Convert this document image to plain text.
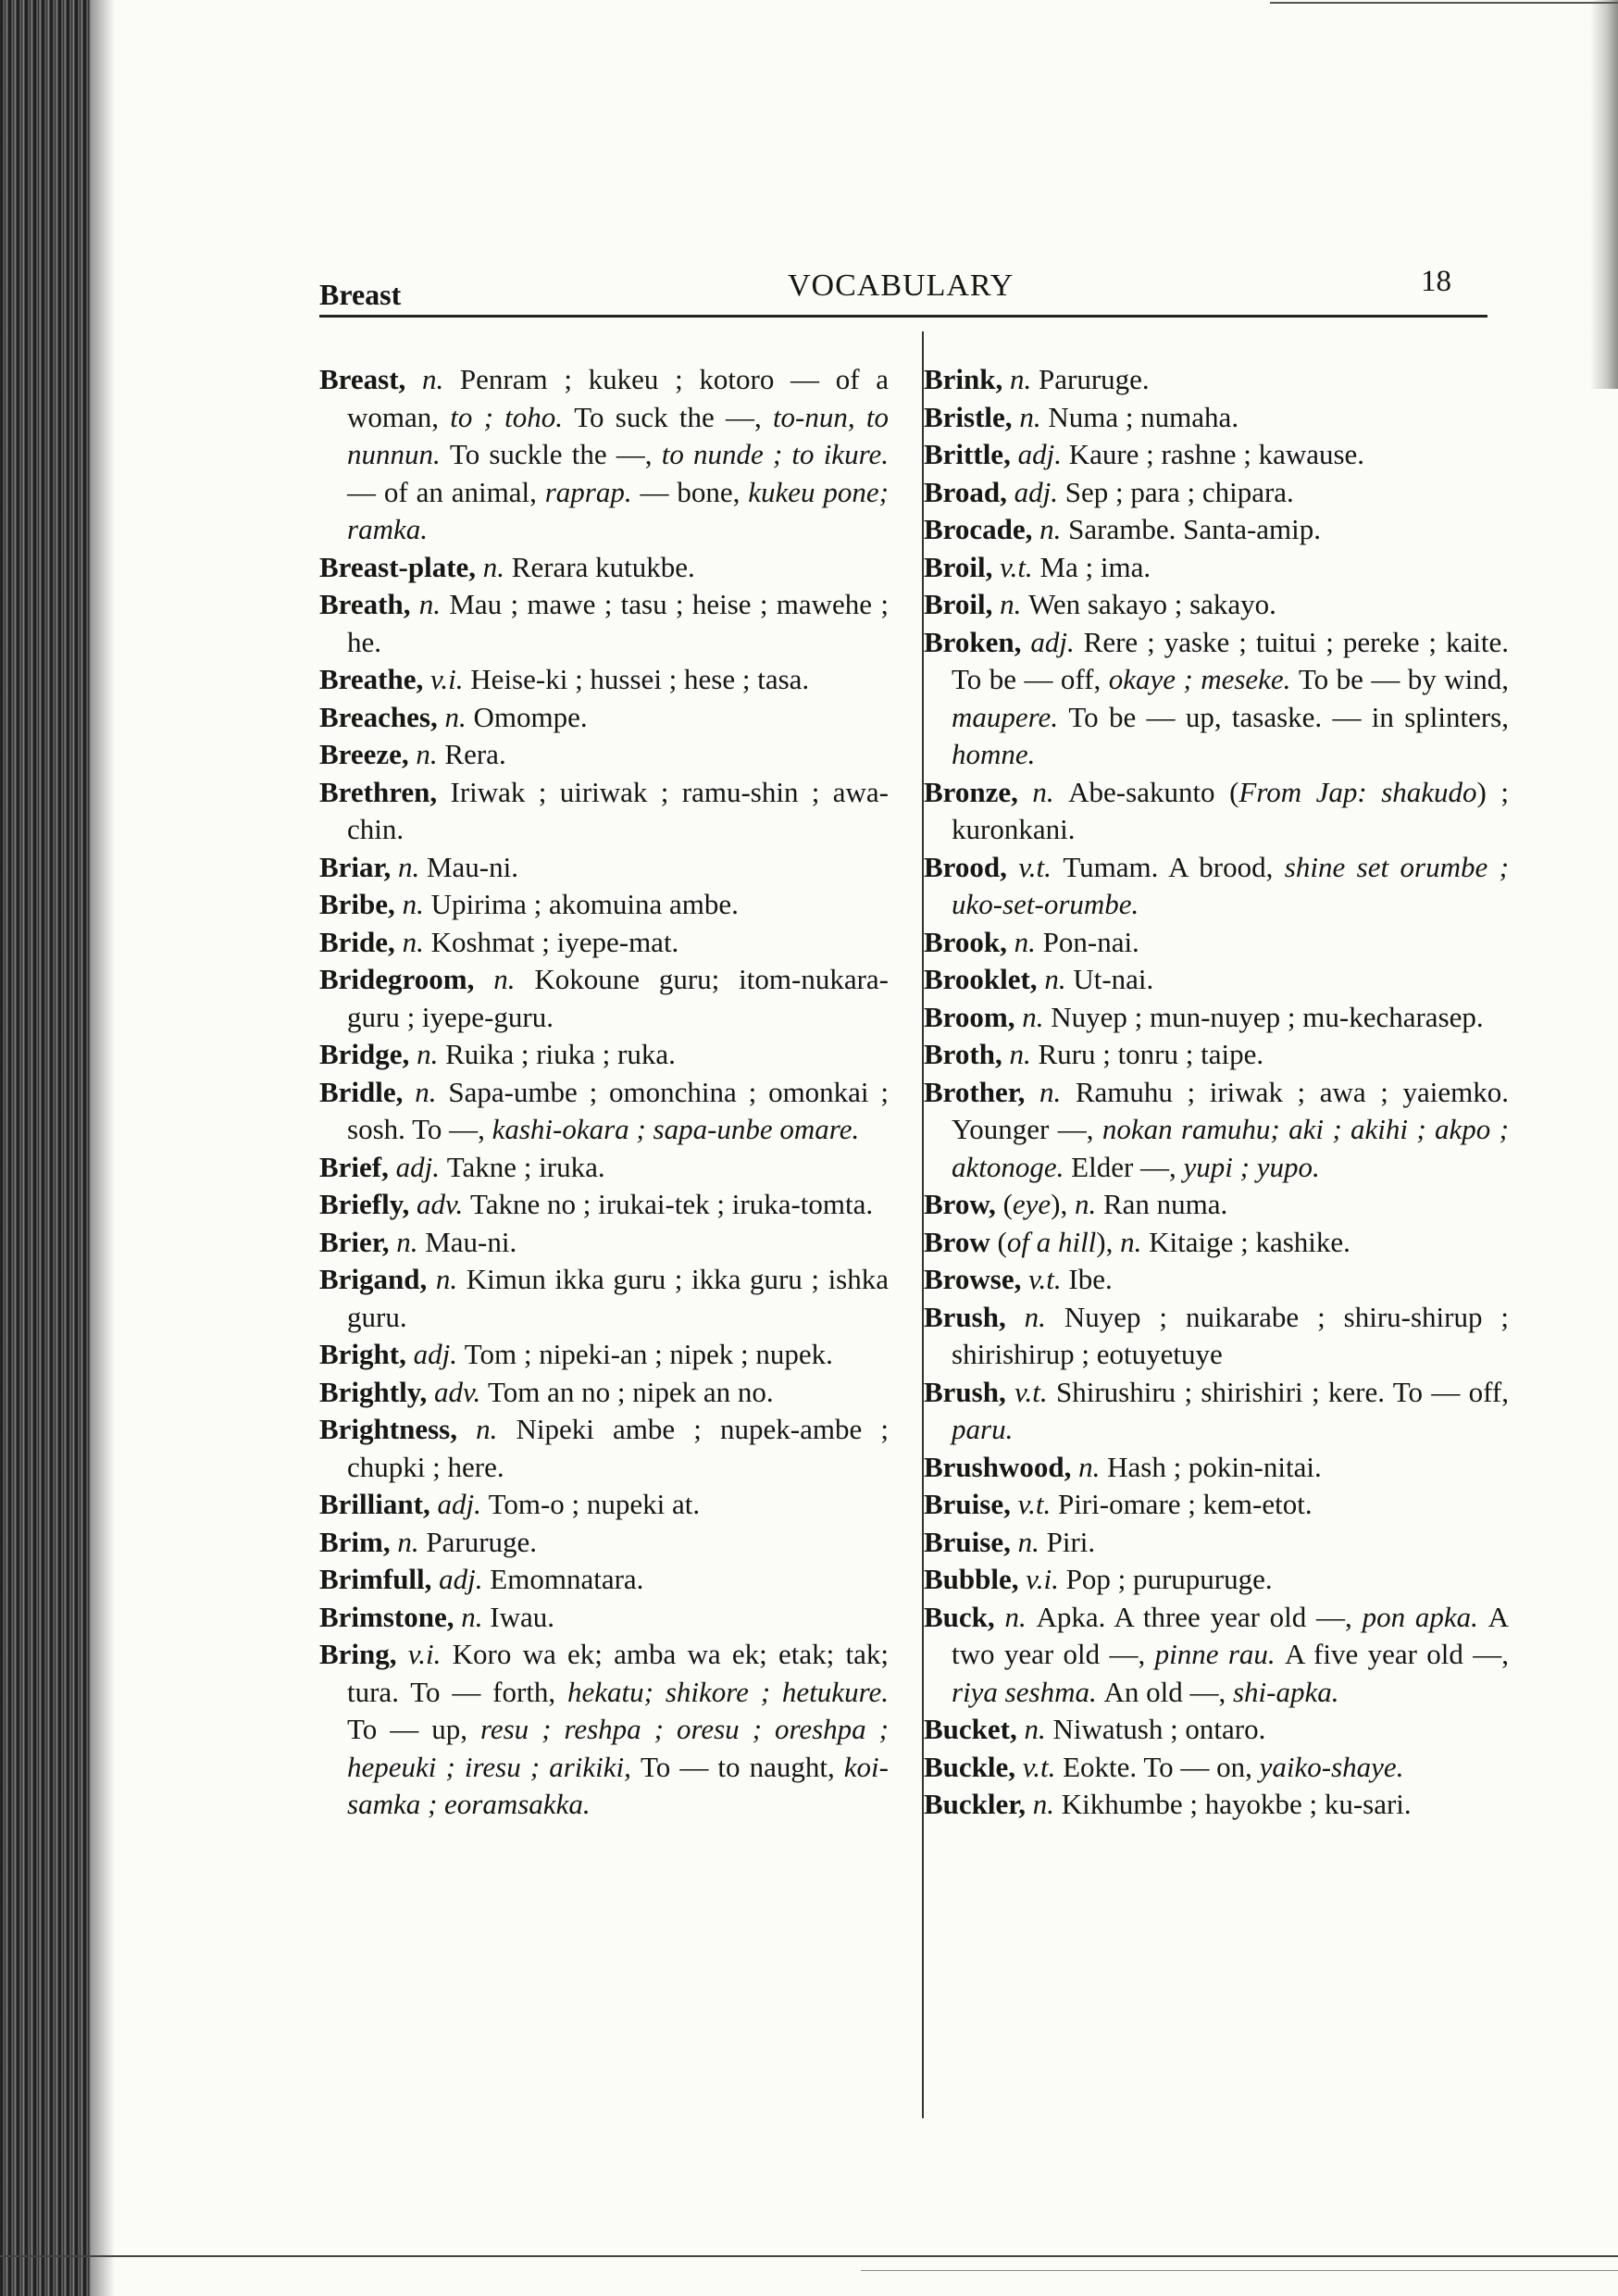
Breast	VOCABULARY	18

Breast, n. Penram ; kukeu ; kotoro — of a woman, to ; toho. To suck the —, to-nun, to nunnun. To suckle the —, to nunde ; to ikure. — of an animal, raprap. — bone, kukeu pone; ramka.

Breast-plate, n. Rerara kutukbe.

Breath, n. Mau ; mawe ; tasu ; heise ; mawehe ; he.

Breathe, v.i. Heise-ki ; hussei ; hese ; tasa.

Breaches, n. Omompe.

Breeze, n. Rera.

Brethren, Iriwak ; uiriwak ; ramu-shin ; awa-chin.

Briar, n. Mau-ni.

Bribe, n. Upirima ; akomuina ambe.

Bride, n. Koshmat ; iyepe-mat.

Bridegroom, n. Kokoune guru; itom-nukara-guru ; iyepe-guru.

Bridge, n. Ruika ; riuka ; ruka.

Bridle, n. Sapa-umbe ; omonchina ; omonkai ; sosh. To —, kashi-okara ; sapa-unbe omare.

Brief, adj. Takne ; iruka.

Briefly, adv. Takne no ; irukai-tek ; iruka-tomta.

Brier, n. Mau-ni.

Brigand, n. Kimun ikka guru ; ikka guru ; ishka guru.

Bright, adj. Tom ; nipeki-an ; nipek ; nupek.

Brightly, adv. Tom an no ; nipek an no.

Brightness, n. Nipeki ambe ; nupek-ambe ; chupki ; here.

Brilliant, adj. Tom-o ; nupeki at.

Brim, n. Paruruge.

Brimfull, adj. Emomnatara.

Brimstone, n. Iwau.

Bring, v.i. Koro wa ek; amba wa ek; etak; tak; tura. To — forth, hekatu; shikore ; hetukure. To — up, resu ; reshpa ; oresu ; oreshpa ; hepeuki ; iresu ; arikiki, To — to naught, koi-samka ; eoramsakka.

Brink, n. Paruruge.

Bristle, n. Numa ; numaha.

Brittle, adj. Kaure ; rashne ; kawause.

Broad, adj. Sep ; para ; chipara.

Brocade, n. Sarambe. Santa-amip.

Broil, v.t. Ma ; ima.

Broil, n. Wen sakayo ; sakayo.

Broken, adj. Rere ; yaske ; tuitui ; pereke ; kaite. To be — off, okaye ; meseke. To be — by wind, maupere. To be — up, tasaske. — in splinters, homne.

Bronze, n. Abe-sakunto (From Jap: shakudo) ; kuronkani.

Brood, v.t. Tumam. A brood, shine set orumbe ; uko-set-orumbe.

Brook, n. Pon-nai.

Brooklet, n. Ut-nai.

Broom, n. Nuyep ; mun-nuyep ; mu-kecharasep.

Broth, n. Ruru ; tonru ; taipe.

Brother, n. Ramuhu ; iriwak ; awa ; yaiemko. Younger —, nokan ramuhu; aki ; akihi ; akpo ; aktonoge. Elder —, yupi ; yupo.

Brow, (eye), n. Ran numa.

Brow (of a hill), n. Kitaige ; kashike.

Browse, v.t. Ibe.

Brush, n. Nuyep ; nuikarabe ; shiru-shirup ; shirishirup ; eotuyetuye

Brush, v.t. Shirushiru ; shirishiri ; kere. To — off, paru.

Brushwood, n. Hash ; pokin-nitai.

Bruise, v.t. Piri-omare ; kem-etot.

Bruise, n. Piri.

Bubble, v.i. Pop ; purupuruge.

Buck, n. Apka. A three year old —, pon apka. A two year old —, pinne rau. A five year old —, riya seshma. An old —, shi-apka.

Bucket, n. Niwatush ; ontaro.

Buckle, v.t. Eokte. To — on, yaiko-shaye.

Buckler, n. Kikhumbe ; hayokbe ; ku-sari.
